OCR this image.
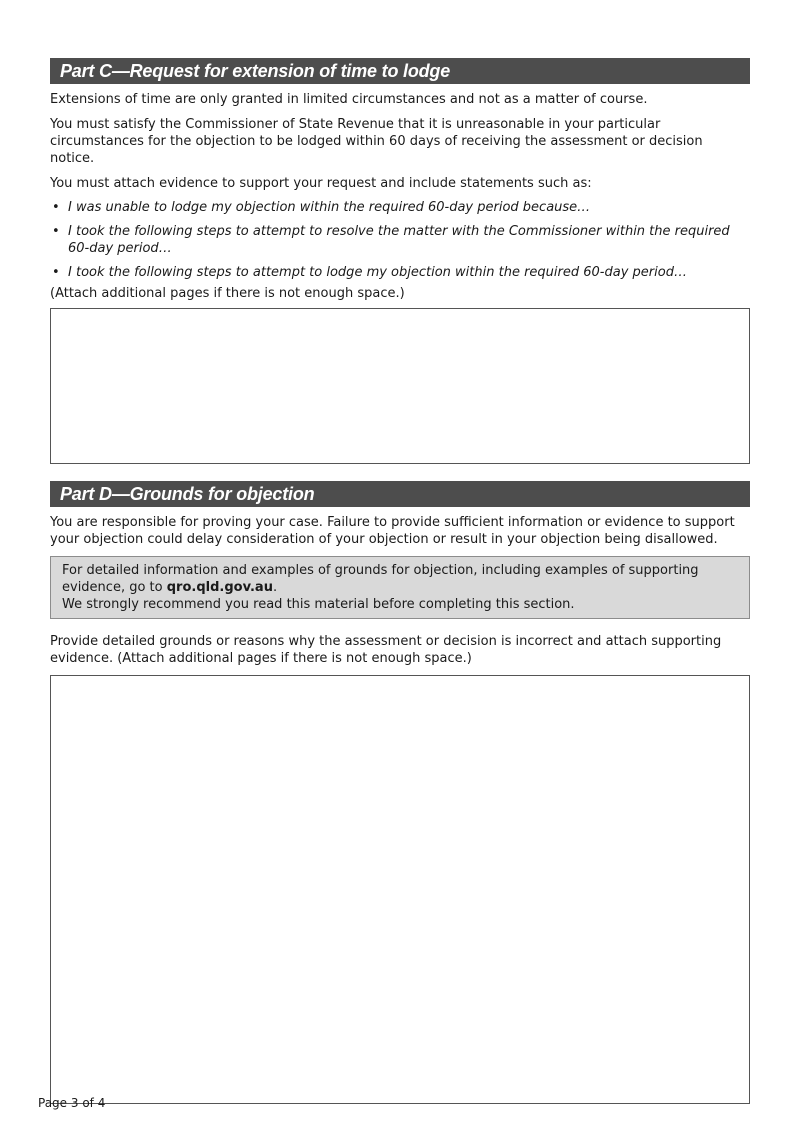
Part C—Request for extension of time to lodge

Extensions of time are only granted in limited circumstances and not as a matter of course.

You must satisfy the Commissioner of State Revenue that it is unreasonable in your particular circumstances for the objection to be lodged within 60 days of receiving the assessment or decision notice.

You must attach evidence to support your request and include statements such as:

• I was unable to lodge my objection within the required 60-day period because…
• I took the following steps to attempt to resolve the matter with the Commissioner within the required 60-day period…
• I took the following steps to attempt to lodge my objection within the required 60-day period…

(Attach additional pages if there is not enough space.)

Part D—Grounds for objection

You are responsible for proving your case. Failure to provide sufficient information or evidence to support your objection could delay consideration of your objection or result in your objection being disallowed.

For detailed information and examples of grounds for objection, including examples of supporting evidence, go to qro.qld.gov.au.

We strongly recommend you read this material before completing this section.

Provide detailed grounds or reasons why the assessment or decision is incorrect and attach supporting evidence. (Attach additional pages if there is not enough space.)

Page 3 of 4
